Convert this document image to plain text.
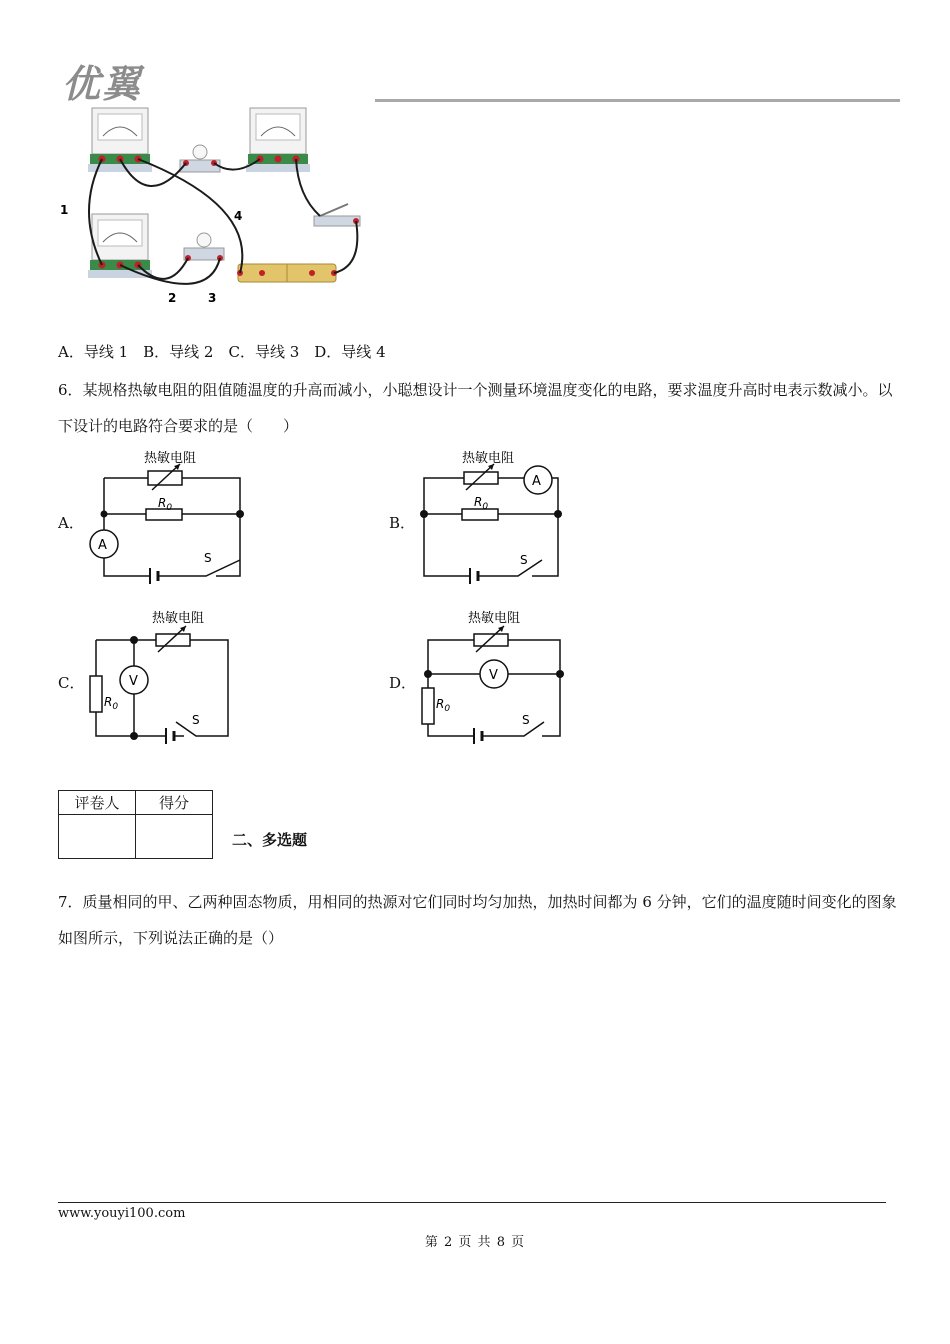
优翼
1
2	3
4
A．导线 1　B．导线 2　C．导线 3　D．导线 4
6．某规格热敏电阻的阻值随温度的升高而减小，小聪想设计一个测量环境温度变化的电路，要求温度升高时电表示数减小。以下设计的电路符合要求的是（　　）
A．
热敏电阻
$R_0$
A
S
B．
热敏电阻
$R_0$
A
S
C．
热敏电阻
$R_0$
V
S
D．
热敏电阻
$R_0$
V
S
评卷人	得分

二、多选题
7．质量相同的甲、乙两种固态物质，用相同的热源对它们同时均匀加热，加热时间都为 6 分钟，它们的温度随时间变化的图象如图所示，下列说法正确的是（）
www.youyi100.com
第 2 页 共 8 页
